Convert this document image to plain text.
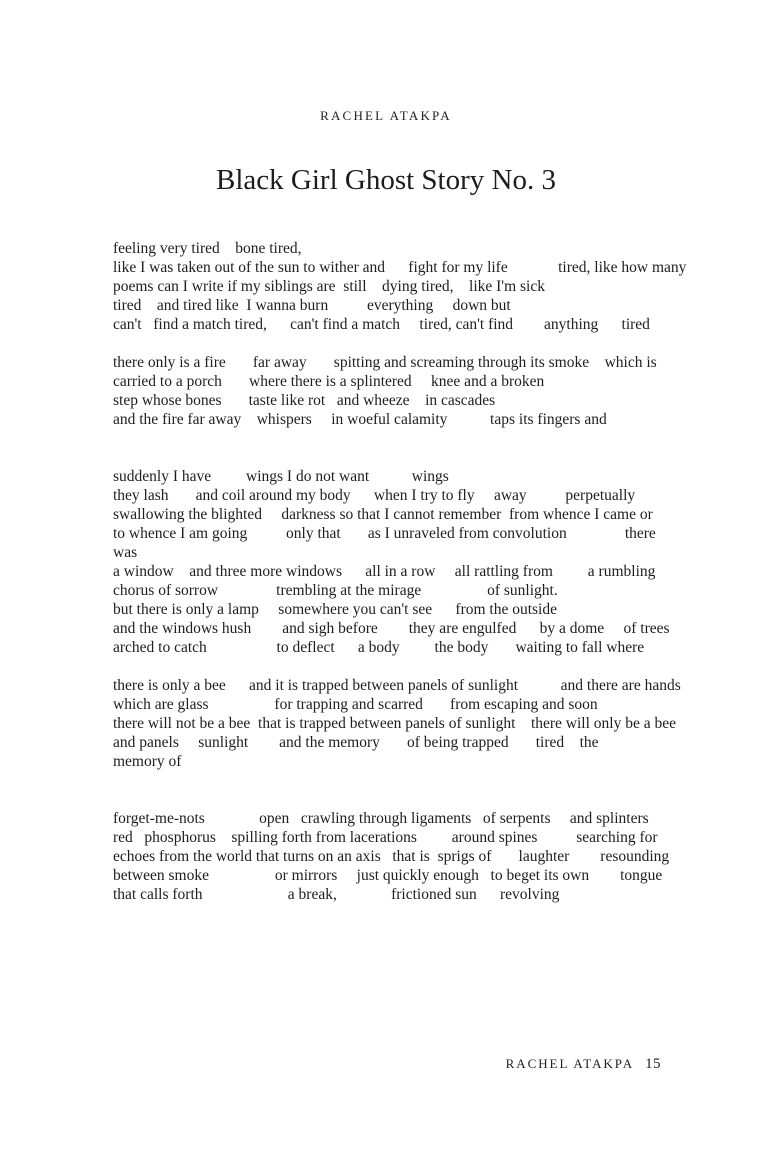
RACHEL ATAKPA
Black Girl Ghost Story No. 3
feeling very tired    bone tired,
like I was taken out of the sun to wither and      fight for my life             tired, like how many
poems can I write if my siblings are  still    dying tired,    like I'm sick
tired    and tired like  I wanna burn          everything     down but
can't   find a match tired,      can't find a match     tired, can't find        anything      tired
there only is a fire       far away       spitting and screaming through its smoke    which is
carried to a porch       where there is a splintered     knee and a broken
step whose bones       taste like rot   and wheeze    in cascades
and the fire far away    whispers     in woeful calamity           taps its fingers and
suddenly I have         wings I do not want           wings
they lash       and coil around my body      when I try to fly     away          perpetually
swallowing the blighted     darkness so that I cannot remember  from whence I came or
to whence I am going          only that       as I unraveled from convolution               there
was
a window    and three more windows      all in a row     all rattling from         a rumbling
chorus of sorrow               trembling at the mirage                 of sunlight.
but there is only a lamp     somewhere you can't see      from the outside
and the windows hush        and sigh before        they are engulfed      by a dome     of trees
arched to catch                  to deflect      a body         the body       waiting to fall where
there is only a bee      and it is trapped between panels of sunlight           and there are hands
which are glass                 for trapping and scarred       from escaping and soon
there will not be a bee  that is trapped between panels of sunlight    there will only be a bee
and panels     sunlight        and the memory       of being trapped       tired    the
memory of
forget-me-nots              open   crawling through ligaments   of serpents     and splinters
red   phosphorus    spilling forth from lacerations         around spines          searching for
echoes from the world that turns on an axis   that is  sprigs of       laughter        resounding
between smoke                 or mirrors     just quickly enough   to beget its own        tongue
that calls forth                      a break,              frictioned sun      revolving
RACHEL ATAKPA 15
